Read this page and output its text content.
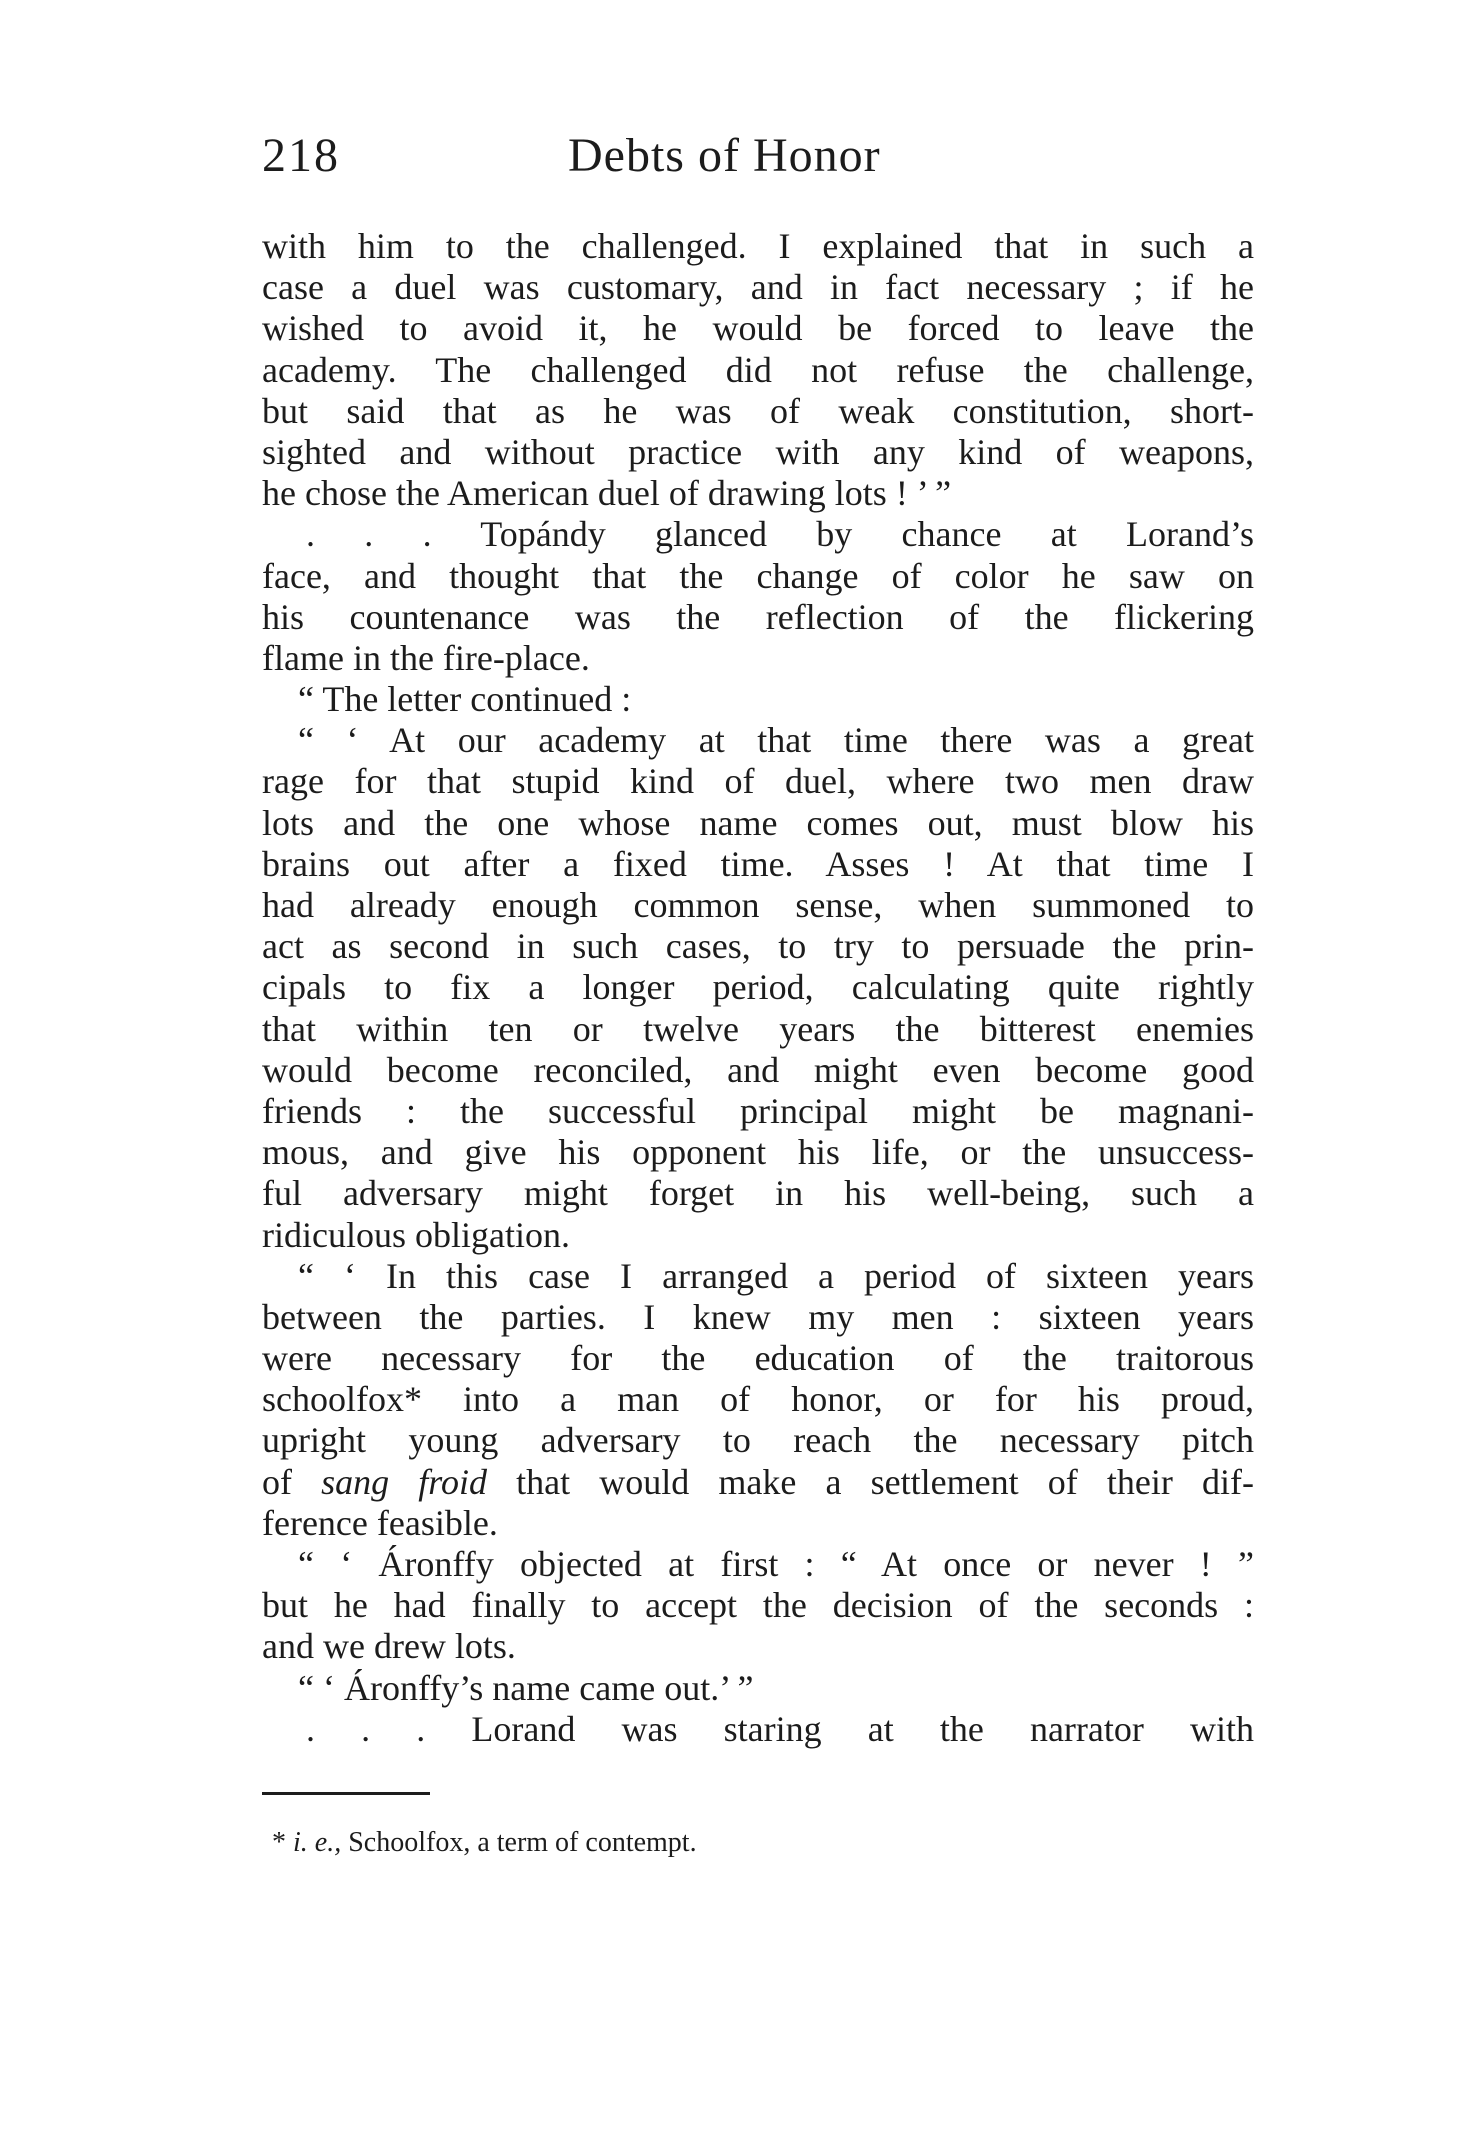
218	Debts of Honor
with him to the challenged. I explained that in such a
case a duel was customary, and in fact necessary ; if he
wished to avoid it, he would be forced to leave the
academy. The challenged did not refuse the challenge,
but said that as he was of weak constitution, short-
sighted and without practice with any kind of weapons,
he chose the American duel of drawing lots ! ’ ”
. . . Topándy glanced by chance at Lorand’s
face, and thought that the change of color he saw on
his countenance was the reflection of the flickering
flame in the fire-place.
“ The letter continued :
“ ‘ At our academy at that time there was a great
rage for that stupid kind of duel, where two men draw
lots and the one whose name comes out, must blow his
brains out after a fixed time. Asses ! At that time I
had already enough common sense, when summoned to
act as second in such cases, to try to persuade the prin-
cipals to fix a longer period, calculating quite rightly
that within ten or twelve years the bitterest enemies
would become reconciled, and might even become good
friends : the successful principal might be magnani-
mous, and give his opponent his life, or the unsuccess-
ful adversary might forget in his well-being, such a
ridiculous obligation.
“ ‘ In this case I arranged a period of sixteen years
between the parties. I knew my men : sixteen years
were necessary for the education of the traitorous
schoolfox* into a man of honor, or for his proud,
upright young adversary to reach the necessary pitch
of sang froid that would make a settlement of their dif-
ference feasible.
“ ‘ Áronffy objected at first : “ At once or never ! ”
but he had finally to accept the decision of the seconds :
and we drew lots.
“ ‘ Áronffy’s name came out.’ ”
. . . Lorand was staring at the narrator with
* i. e., Schoolfox, a term of contempt.
